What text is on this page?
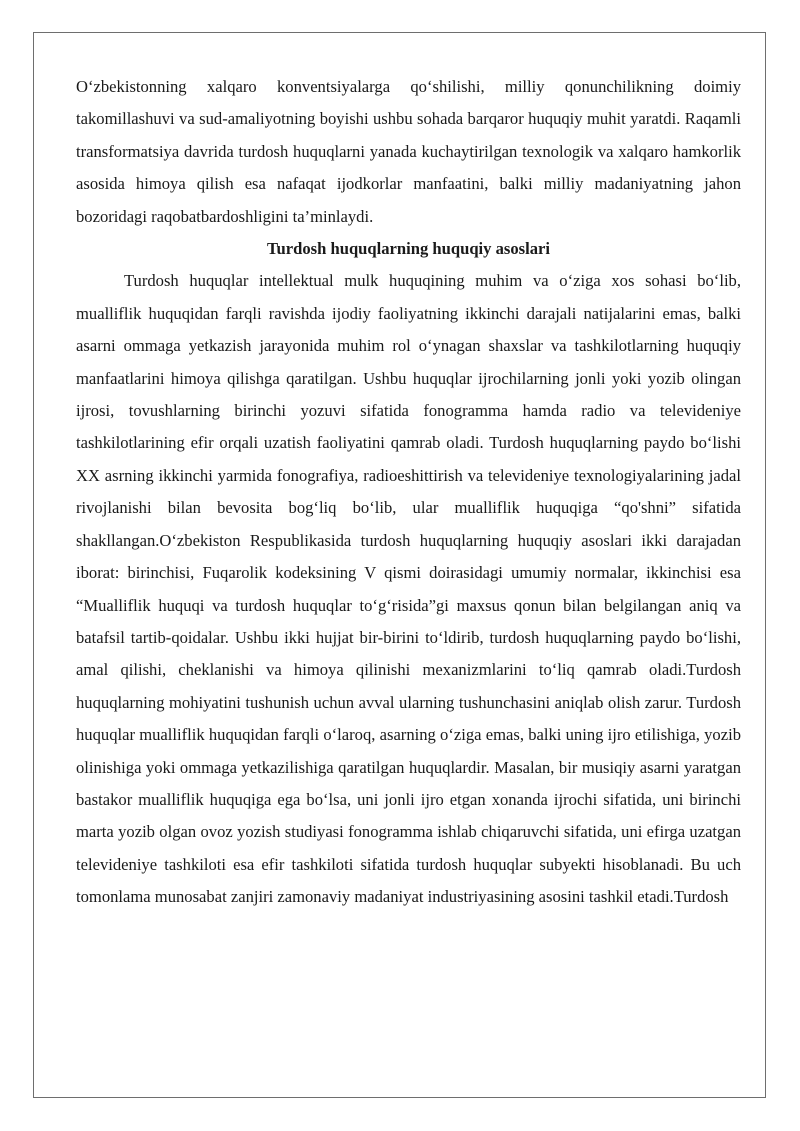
O‘zbekistonning xalqaro konventsiyalarga qo‘shilishi, milliy qonunchilikning doimiy takomillashuvi va sud-amaliyotning boyishi ushbu sohada barqaror huquqiy muhit yaratdi. Raqamli transformatsiya davrida turdosh huquqlarni yanada kuchaytirilgan texnologik va xalqaro hamkorlik asosida himoya qilish esa nafaqat ijodkorlar manfaatini, balki milliy madaniyatning jahon bozoridagi raqobatbardoshligini ta’minlaydi.

Turdosh huquqlarning huquqiy asoslari

Turdosh huquqlar intellektual mulk huquqining muhim va o‘ziga xos sohasi bo‘lib, mualliflik huquqidan farqli ravishda ijodiy faoliyatning ikkinchi darajali natijalarini emas, balki asarni ommaga yetkazish jarayonida muhim rol o‘ynagan shaxslar va tashkilotlarning huquqiy manfaatlarini himoya qilishga qaratilgan. Ushbu huquqlar ijrochilarning jonli yoki yozib olingan ijrosi, tovushlarning birinchi yozuvi sifatida fonogramma hamda radio va televideniye tashkilotlarining efir orqali uzatish faoliyatini qamrab oladi. Turdosh huquqlarning paydo bo‘lishi XX asrning ikkinchi yarmida fonografiya, radioeshittirish va televideniye texnologiyalarining jadal rivojlanishi bilan bevosita bog‘liq bo‘lib, ular mualliflik huquqiga “qo'shni” sifatida shakllangan.O‘zbekiston Respublikasida turdosh huquqlarning huquqiy asoslari ikki darajadan iborat: birinchisi, Fuqarolik kodeksining V qismi doirasidagi umumiy normalar, ikkinchisi esa “Mualliflik huquqi va turdosh huquqlar to‘g‘risida”gi maxsus qonun bilan belgilangan aniq va batafsil tartib-qoidalar. Ushbu ikki hujjat bir-birini to‘ldirib, turdosh huquqlarning paydo bo‘lishi, amal qilishi, cheklanishi va himoya qilinishi mexanizmlarini to‘liq qamrab oladi.Turdosh huquqlarning mohiyatini tushunish uchun avval ularning tushunchasini aniqlab olish zarur. Turdosh huquqlar mualliflik huquqidan farqli o‘laroq, asarning o‘ziga emas, balki uning ijro etilishiga, yozib olinishiga yoki ommaga yetkazilishiga qaratilgan huquqlardir. Masalan, bir musiqiy asarni yaratgan bastakor mualliflik huquqiga ega bo‘lsa, uni jonli ijro etgan xonanda ijrochi sifatida, uni birinchi marta yozib olgan ovoz yozish studiyasi fonogramma ishlab chiqaruvchi sifatida, uni efirga uzatgan televideniye tashkiloti esa efir tashkiloti sifatida turdosh huquqlar subyekti hisoblanadi. Bu uch tomonlama munosabat zanjiri zamonaviy madaniyat industriyasining asosini tashkil etadi.Turdosh
